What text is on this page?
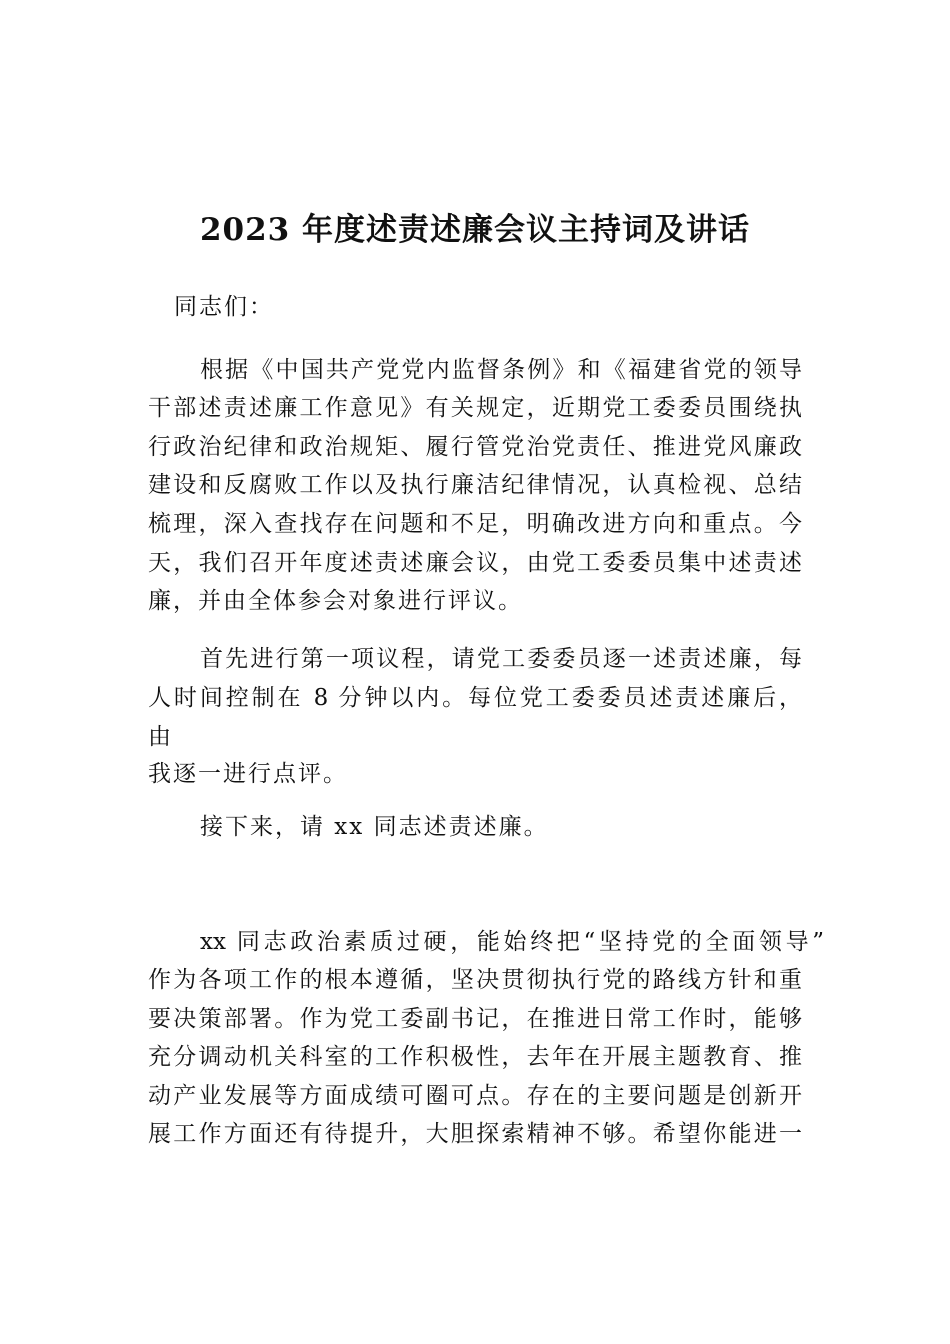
2023 年度述责述廉会议主持词及讲话
同志们：
根据《中国共产党党内监督条例》和《福建省党的领导
干部述责述廉工作意见》有关规定，近期党工委委员围绕执
行政治纪律和政治规矩、履行管党治党责任、推进党风廉政
建设和反腐败工作以及执行廉洁纪律情况，认真检视、总结
梳理，深入查找存在问题和不足，明确改进方向和重点。今
天，我们召开年度述责述廉会议，由党工委委员集中述责述
廉，并由全体参会对象进行评议。
首先进行第一项议程，请党工委委员逐一述责述廉，每
人时间控制在 8 分钟以内。每位党工委委员述责述廉后，
由
我逐一进行点评。
接下来，请 xx 同志述责述廉。
xx 同志政治素质过硬，能始终把“坚持党的全面领导”
作为各项工作的根本遵循，坚决贯彻执行党的路线方针和重
要决策部署。作为党工委副书记，在推进日常工作时，能够
充分调动机关科室的工作积极性，去年在开展主题教育、推
动产业发展等方面成绩可圈可点。存在的主要问题是创新开
展工作方面还有待提升，大胆探索精神不够。希望你能进一
